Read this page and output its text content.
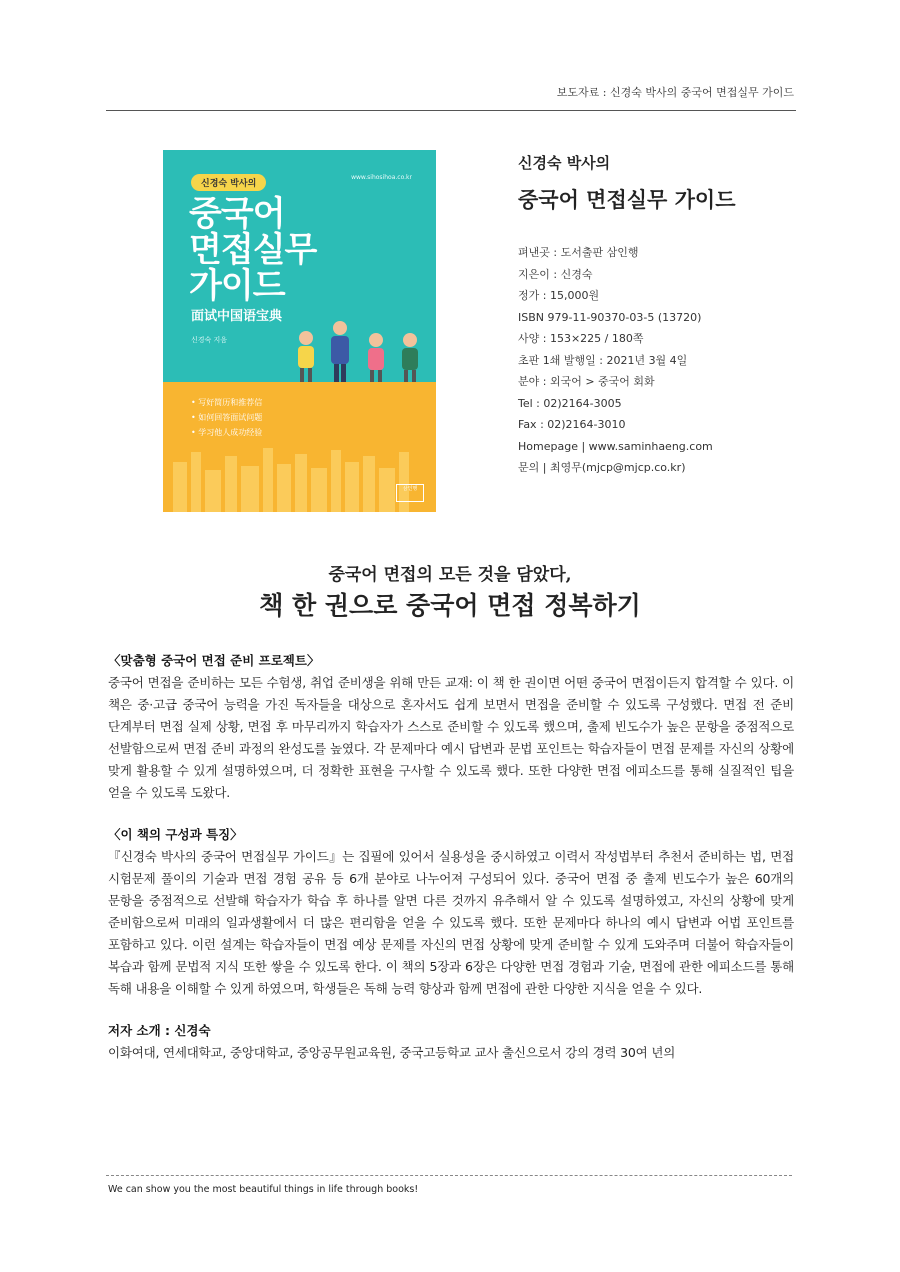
보도자료 : 신경숙 박사의 중국어 면접실무 가이드
신경숙 박사의
www.sihosihoa.co.kr
중국어
면접실무
가이드
面试中国语宝典
신경숙 지음
• 写好简历和推荐信
• 如何回答面试问题
• 学习他人成功经验
삼인행
신경숙 박사의
중국어 면접실무 가이드
펴낸곳 : 도서출판 삼인행
지은이 : 신경숙
정가 : 15,000원
ISBN 979-11-90370-03-5 (13720)
사양 : 153×225 / 180쪽
초판 1쇄 발행일 : 2021년 3월 4일
분야 : 외국어 > 중국어 회화
Tel : 02)2164-3005
Fax : 02)2164-3010
Homepage | www.saminhaeng.com
문의 | 최영무(mjcp@mjcp.co.kr)
중국어 면접의 모든 것을 담았다,
책 한 권으로 중국어 면접 정복하기
〈맞춤형 중국어 면접 준비 프로젝트〉
중국어 면접을 준비하는 모든 수험생, 취업 준비생을 위해 만든 교재: 이 책 한 권이면 어떤 중국어 면접이든지 합격할 수 있다. 이 책은 중·고급 중국어 능력을 가진 독자들을 대상으로 혼자서도 쉽게 보면서 면접을 준비할 수 있도록 구성했다. 면접 전 준비 단계부터 면접 실제 상황, 면접 후 마무리까지 학습자가 스스로 준비할 수 있도록 했으며, 출제 빈도수가 높은 문항을 중점적으로 선발함으로써 면접 준비 과정의 완성도를 높였다. 각 문제마다 예시 답변과 문법 포인트는 학습자들이 면접 문제를 자신의 상황에 맞게 활용할 수 있게 설명하였으며, 더 정확한 표현을 구사할 수 있도록 했다. 또한 다양한 면접 에피소드를 통해 실질적인 팁을 얻을 수 있도록 도왔다.
〈이 책의 구성과 특징〉
『신경숙 박사의 중국어 면접실무 가이드』는 집필에 있어서 실용성을 중시하였고 이력서 작성법부터 추천서 준비하는 법, 면접 시험문제 풀이의 기술과 면접 경험 공유 등 6개 분야로 나누어져 구성되어 있다. 중국어 면접 중 출제 빈도수가 높은 60개의 문항을 중점적으로 선발해 학습자가 학습 후 하나를 알면 다른 것까지 유추해서 알 수 있도록 설명하였고, 자신의 상황에 맞게 준비함으로써 미래의 일과생활에서 더 많은 편리함을 얻을 수 있도록 했다. 또한 문제마다 하나의 예시 답변과 어법 포인트를 포함하고 있다. 이런 설계는 학습자들이 면접 예상 문제를 자신의 면접 상황에 맞게 준비할 수 있게 도와주며 더불어 학습자들이 복습과 함께 문법적 지식 또한 쌓을 수 있도록 한다. 이 책의 5장과 6장은 다양한 면접 경험과 기술, 면접에 관한 에피소드를 통해 독해 내용을 이해할 수 있게 하였으며, 학생들은 독해 능력 향상과 함께 면접에 관한 다양한 지식을 얻을 수 있다.
저자 소개 : 신경숙
이화여대, 연세대학교, 중앙대학교, 중앙공무원교육원, 중국고등학교 교사 출신으로서 강의 경력 30여 년의
We can show you the most beautiful things in life through books!
